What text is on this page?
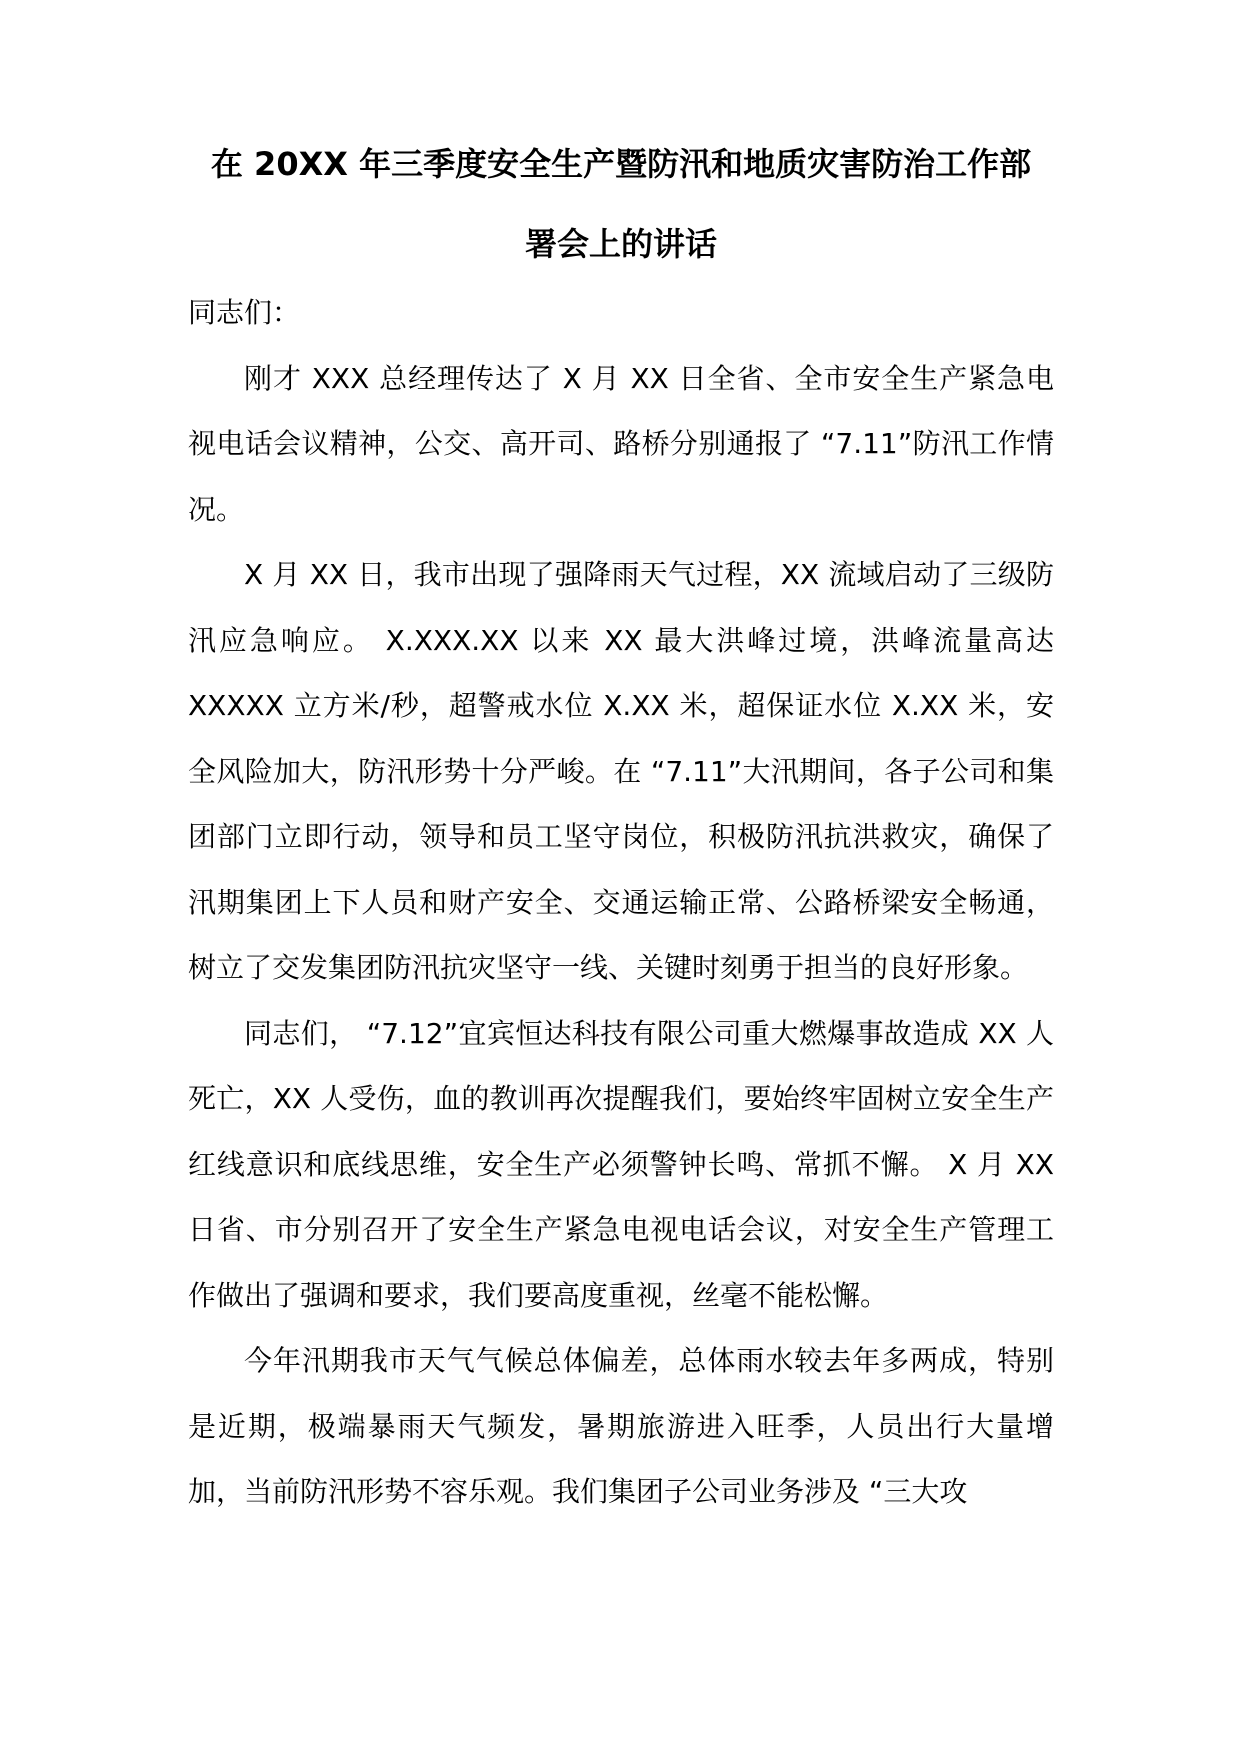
在 20XX 年三季度安全生产暨防汛和地质灾害防治工作部
署会上的讲话

同志们：

刚才 XXX 总经理传达了 X 月 XX 日全省、全市安全生产紧急电视电话会议精神，公交、高开司、路桥分别通报了 “7.11”防汛工作情况。

X 月 XX 日，我市出现了强降雨天气过程，XX 流域启动了三级防汛应急响应。 X.XXX.XX 以来 XX 最大洪峰过境，洪峰流量高达 XXXXX 立方米/秒，超警戒水位 X.XX 米，超保证水位 X.XX 米，安全风险加大，防汛形势十分严峻。在 “7.11”大汛期间，各子公司和集团部门立即行动，领导和员工坚守岗位，积极防汛抗洪救灾，确保了汛期集团上下人员和财产安全、交通运输正常、公路桥梁安全畅通，树立了交发集团防汛抗灾坚守一线、关键时刻勇于担当的良好形象。

同志们， “7.12”宜宾恒达科技有限公司重大燃爆事故造成 XX 人死亡，XX 人受伤，血的教训再次提醒我们，要始终牢固树立安全生产红线意识和底线思维，安全生产必须警钟长鸣、常抓不懈。 X 月 XX 日省、市分别召开了安全生产紧急电视电话会议，对安全生产管理工作做出了强调和要求，我们要高度重视，丝毫不能松懈。

今年汛期我市天气气候总体偏差，总体雨水较去年多两成，特别是近期，极端暴雨天气频发，暑期旅游进入旺季，人员出行大量增加，当前防汛形势不容乐观。我们集团子公司业务涉及 “三大攻
